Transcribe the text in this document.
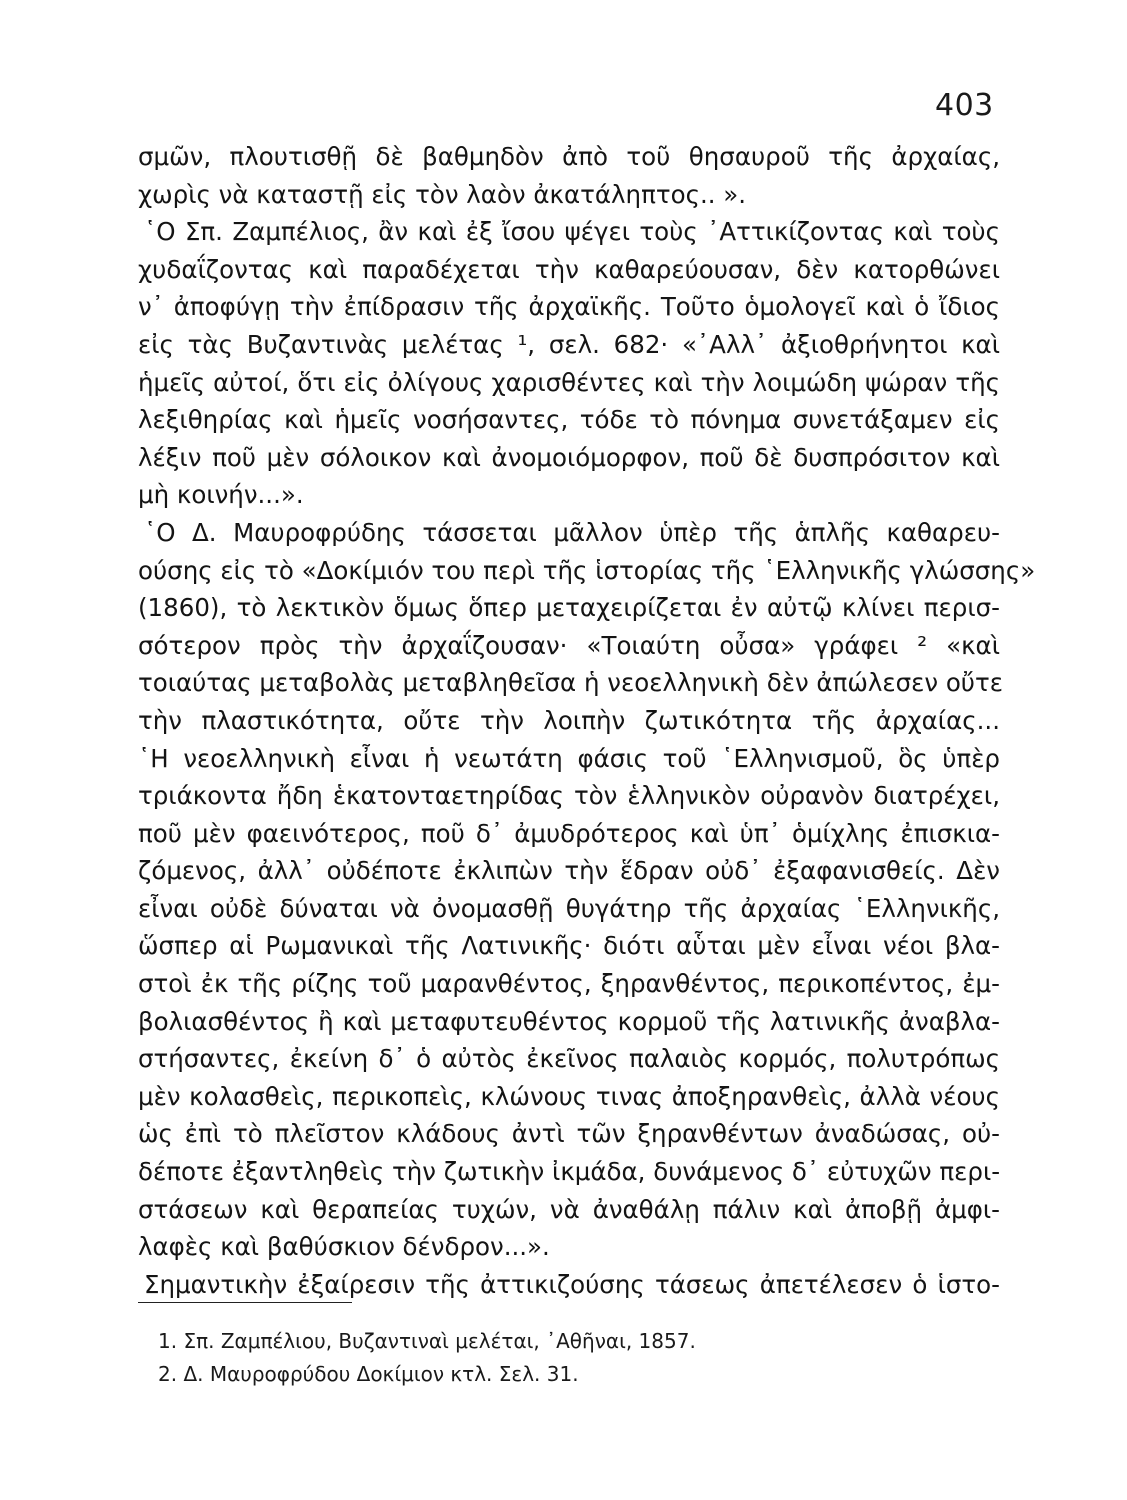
403
σμῶν, πλουτισθῇ δὲ βαθμηδὸν ἀπὸ τοῦ θησαυροῦ τῆς ἀρχαίας,
χωρὶς νὰ καταστῇ εἰς τὸν λαὸν ἀκατάληπτος.. ».
῾Ο Σπ. Ζαμπέλιος, ἂν καὶ ἐξ ἴσου ψέγει τοὺς ᾿Αττικίζοντας καὶ τοὺς
χυδαΐζοντας καὶ παραδέχεται τὴν καθαρεύουσαν, δὲν κατορθώνει
ν᾿ ἀποφύγῃ τὴν ἐπίδρασιν τῆς ἀρχαϊκῆς. Τοῦτο ὁμολογεῖ καὶ ὁ ἴδιος
εἰς τὰς Βυζαντινὰς μελέτας ¹, σελ. 682· «᾿Αλλ᾿ ἀξιοθρήνητοι καὶ
ἡμεῖς αὐτοί, ὅτι εἰς ὀλίγους χαρισθέντες καὶ τὴν λοιμώδη ψώραν τῆς
λεξιθηρίας καὶ ἡμεῖς νοσήσαντες, τόδε τὸ πόνημα συνετάξαμεν εἰς
λέξιν ποῦ μὲν σόλοικον καὶ ἀνομοιόμορφον, ποῦ δὲ δυσπρόσιτον καὶ
μὴ κοινήν...».
῾Ο Δ. Μαυροφρύδης τάσσεται μᾶλλον ὑπὲρ τῆς ἁπλῆς καθαρευ-
ούσης εἰς τὸ «Δοκίμιόν του περὶ τῆς ἱστορίας τῆς ῾Ελληνικῆς γλώσσης»
(1860), τὸ λεκτικὸν ὅμως ὅπερ μεταχειρίζεται ἐν αὐτῷ κλίνει περισ-
σότερον πρὸς τὴν ἀρχαΐζουσαν· «Τοιαύτη οὖσα» γράφει ² «καὶ
τοιαύτας μεταβολὰς μεταβληθεῖσα ἡ νεοελληνικὴ δὲν ἀπώλεσεν οὔτε
τὴν πλαστικότητα, οὔτε τὴν λοιπὴν ζωτικότητα τῆς ἀρχαίας...
῾Η νεοελληνικὴ εἶναι ἡ νεωτάτη φάσις τοῦ ῾Ελληνισμοῦ, ὃς ὑπὲρ
τριάκοντα ἤδη ἑκατονταετηρίδας τὸν ἑλληνικὸν οὐρανὸν διατρέχει,
ποῦ μὲν φαεινότερος, ποῦ δ᾿ ἀμυδρότερος καὶ ὑπ᾿ ὁμίχλης ἐπισκια-
ζόμενος, ἀλλ᾿ οὐδέποτε ἐκλιπὼν τὴν ἕδραν οὐδ᾿ ἐξαφανισθείς. Δὲν
εἶναι οὐδὲ δύναται νὰ ὀνομασθῇ θυγάτηρ τῆς ἀρχαίας ῾Ελληνικῆς,
ὥσπερ αἱ Ρωμανικαὶ τῆς Λατινικῆς· διότι αὗται μὲν εἶναι νέοι βλα-
στοὶ ἐκ τῆς ρίζης τοῦ μαρανθέντος, ξηρανθέντος, περικοπέντος, ἐμ-
βολιασθέντος ἢ καὶ μεταφυτευθέντος κορμοῦ τῆς λατινικῆς ἀναβλα-
στήσαντες, ἐκείνη δ᾿ ὁ αὐτὸς ἐκεῖνος παλαιὸς κορμός, πολυτρόπως
μὲν κολασθεὶς, περικοπεὶς, κλώνους τινας ἀποξηρανθεὶς, ἀλλὰ νέους
ὡς ἐπὶ τὸ πλεῖστον κλάδους ἀντὶ τῶν ξηρανθέντων ἀναδώσας, οὐ-
δέποτε ἐξαντληθεὶς τὴν ζωτικὴν ἰκμάδα, δυνάμενος δ᾿ εὐτυχῶν περι-
στάσεων καὶ θεραπείας τυχών, νὰ ἀναθάλῃ πάλιν καὶ ἀποβῇ ἀμφι-
λαφὲς καὶ βαθύσκιον δένδρον...».
Σημαντικὴν ἐξαίρεσιν τῆς ἀττικιζούσης τάσεως ἀπετέλεσεν ὁ ἱστο-
1. Σπ. Ζαμπέλιου, Βυζαντιναὶ μελέται, ᾿Αθῆναι, 1857.
2. Δ. Μαυροφρύδου Δοκίμιον κτλ. Σελ. 31.
